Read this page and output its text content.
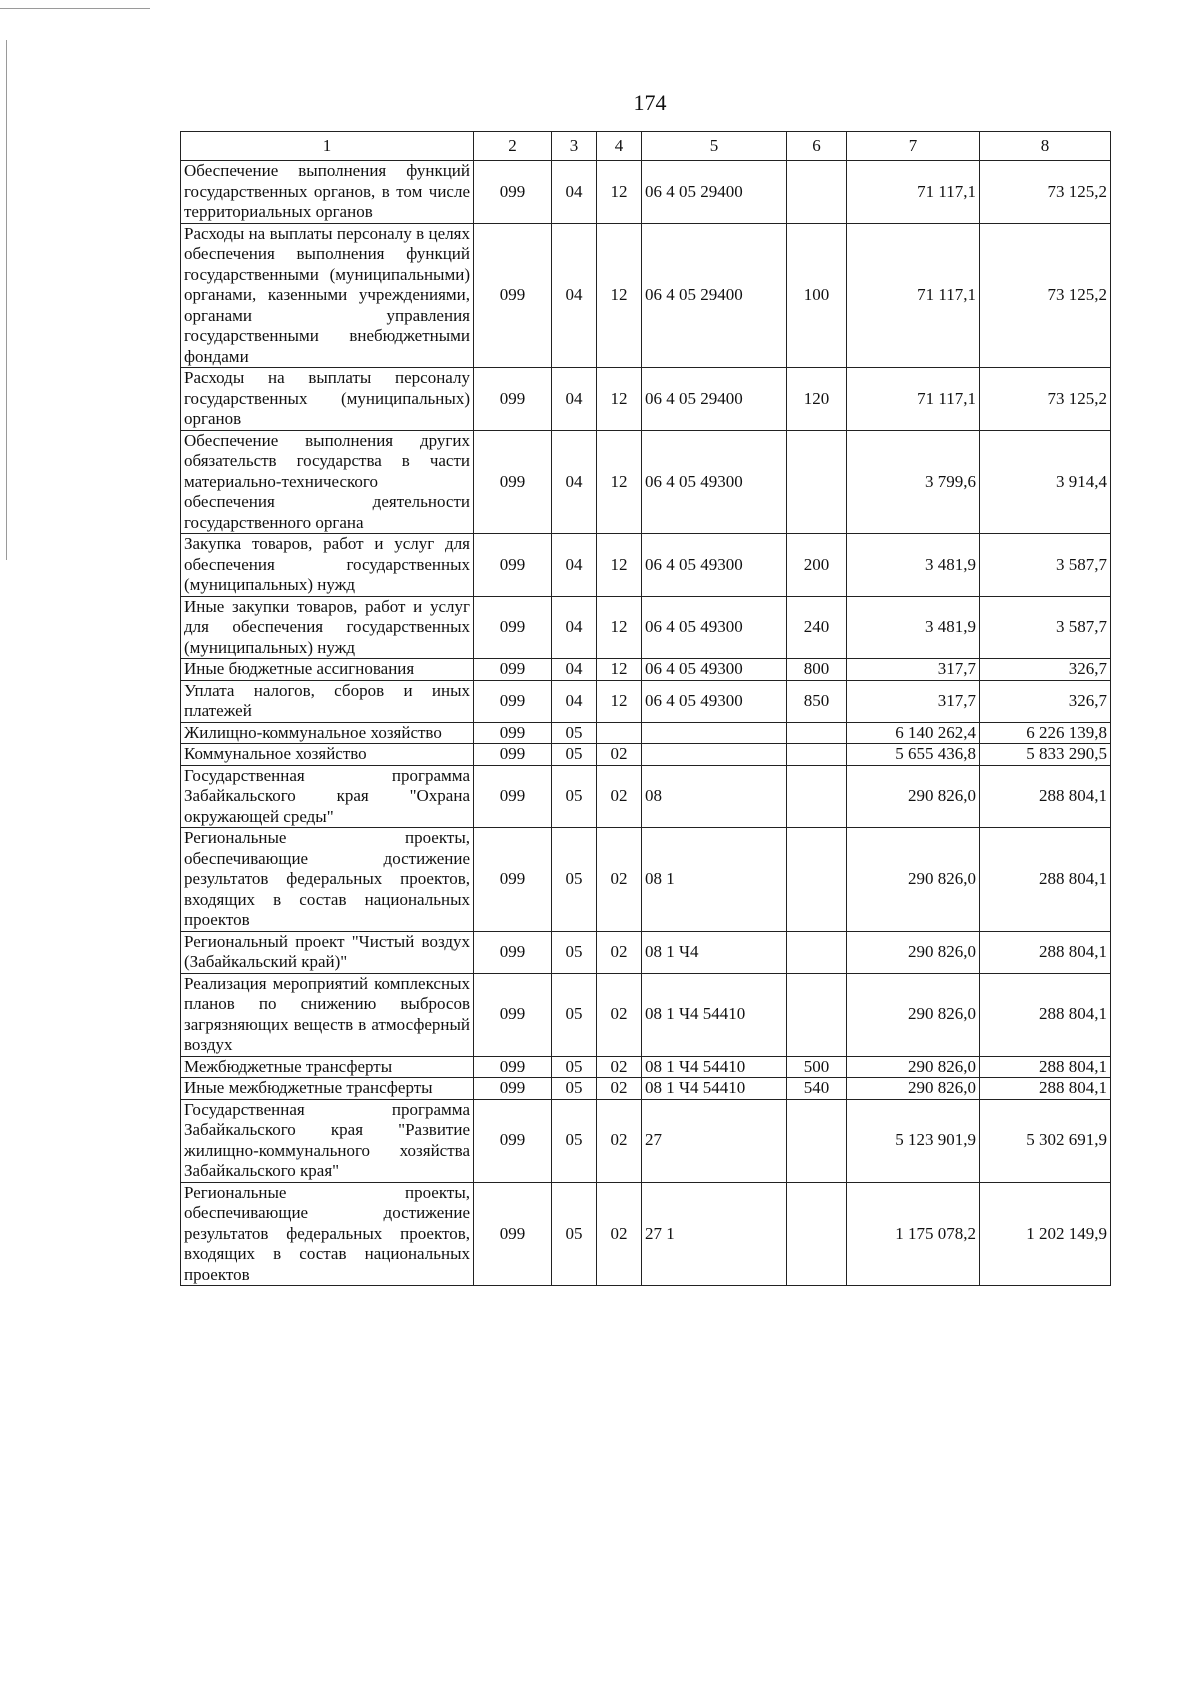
174
1	2	3	4	5	6	7	8
Обеспечение выполнения функций государственных органов, в том числе территориальных органов	099	04	12	06 4 05 29400		71 117,1	73 125,2
Расходы на выплаты персоналу в целях обеспечения выполнения функций государственными (муниципальными) органами, казенными учреждениями, органами управления государственными внебюджетными фондами	099	04	12	06 4 05 29400	100	71 117,1	73 125,2
Расходы на выплаты персоналу государственных (муниципальных) органов	099	04	12	06 4 05 29400	120	71 117,1	73 125,2
Обеспечение выполнения других обязательств государства в части материально-технического обеспечения деятельности государственного органа	099	04	12	06 4 05 49300		3 799,6	3 914,4
Закупка товаров, работ и услуг для обеспечения государственных (муниципальных) нужд	099	04	12	06 4 05 49300	200	3 481,9	3 587,7
Иные закупки товаров, работ и услуг для обеспечения государственных (муниципальных) нужд	099	04	12	06 4 05 49300	240	3 481,9	3 587,7
Иные бюджетные ассигнования	099	04	12	06 4 05 49300	800	317,7	326,7
Уплата налогов, сборов и иных платежей	099	04	12	06 4 05 49300	850	317,7	326,7
Жилищно-коммунальное хозяйство	099	05				6 140 262,4	6 226 139,8
Коммунальное хозяйство	099	05	02			5 655 436,8	5 833 290,5
Государственная программа Забайкальского края "Охрана окружающей среды"	099	05	02	08		290 826,0	288 804,1
Региональные проекты, обеспечивающие достижение результатов федеральных проектов, входящих в состав национальных проектов	099	05	02	08 1		290 826,0	288 804,1
Региональный проект "Чистый воздух (Забайкальский край)"	099	05	02	08 1 Ч4		290 826,0	288 804,1
Реализация мероприятий комплексных планов по снижению выбросов загрязняющих веществ в атмосферный воздух	099	05	02	08 1 Ч4 54410		290 826,0	288 804,1
Межбюджетные трансферты	099	05	02	08 1 Ч4 54410	500	290 826,0	288 804,1
Иные межбюджетные трансферты	099	05	02	08 1 Ч4 54410	540	290 826,0	288 804,1
Государственная программа Забайкальского края "Развитие жилищно-коммунального хозяйства Забайкальского края"	099	05	02	27		5 123 901,9	5 302 691,9
Региональные проекты, обеспечивающие достижение результатов федеральных проектов, входящих в состав национальных проектов	099	05	02	27 1		1 175 078,2	1 202 149,9
